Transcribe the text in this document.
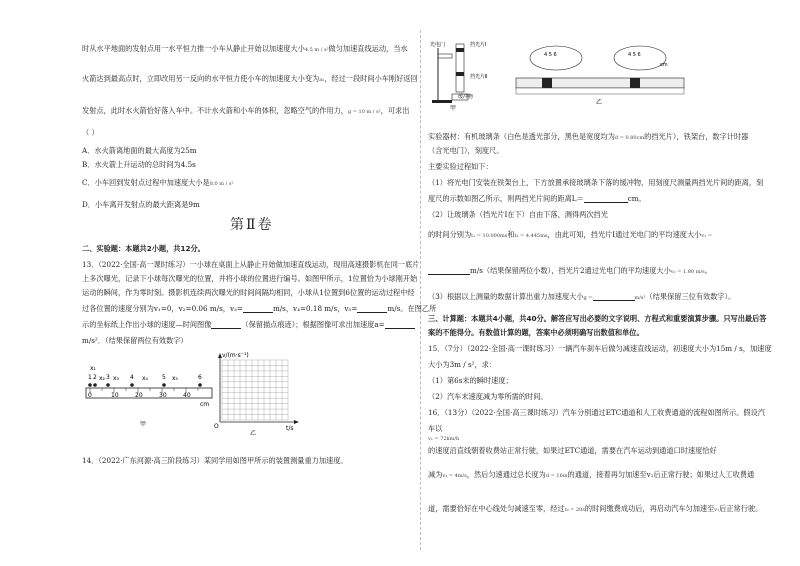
时从水平地面的发射点用一水平恒力推一小车从静止开始以加速度大小4.5 m / s²做匀加速直线运动，当水
火箭达到最高点时，立即改用另一反向的水平恒力使小车的加速度大小变为a₂，经过一段时间小车刚好返回
发射点，此时水火箭恰好落入车中。不计水火箭和小车的体积，忽略空气的作用力，g = 10 m / s²，可求出
（ ）
A．水火箭离地面的最大高度为25m
B．水火箭上升运动的总时间为4.5s
C．小车回到发射点过程中加速度大小是8.0 m / s²
D．小车离开发射点的最大距离是9m
第Ⅱ卷
二、实验题：本题共2小题，共12分。
13．（2022·全国·高一课时练习）一小球在桌面上从静止开始做加速直线运动，现用高速摄影机在同一底片
上多次曝光，记录下小球每次曝光的位置，并将小球的位置进行编号。如图甲所示，1位置恰为小球刚开始
运动的瞬间，作为零时刻。摄影机连续两次曝光的时间间隔均相同，小球从1位置到6位置的运动过程中经
过各位置的速度分别为v₁=0，v₂=0.06 m/s，v₃=	m/s，v₄=0.18 m/s，v₅=	m/s。在图乙所
示的坐标纸上作出小球的速度—时间图像	（保留描点痕迹）；根据图像可求出加速度a=
m/s²．（结果保留两位有效数字）
x₁
x₂ x₃	x₄	x₅
1 2 3	4	5	6
0	10	20	30	40
cm
甲
v/(m·s⁻¹)
O	t/s
乙
14．（2022·广东河源·高三阶段练习）某同学用如图甲所示的装置测量重力加速度。
光电门	挡光片Ⅰ
挡光片Ⅱ
缓冲物
甲
4 5 6	4 5 6
cm
乙
实验器材：有机玻璃条（白色是透光部分，黑色是宽度均为d = 0.80cm的挡光片），铁架台，数字计时器
（含光电门），刻度尺。
主要实验过程如下：
（1）将光电门安装在铁架台上，下方放置承接玻璃条下落的缓冲物，用刻度尺测量两挡光片间的距离，刻
度尺的示数如图乙所示，则两挡光片间的距离L＝	cm。
（2）让玻璃条（挡光片Ⅰ在下）自由下落，测得两次挡光
的时间分别为t₁ = 10.000ms和t₂ = 4.445ms，由此可知，挡光片Ⅰ通过光电门的平均速度大小v₁ =
m/s（结果保留两位小数），挡光片2通过光电门的平均速度大小v₂ = 1.80 m/s。
（3）根据以上测量的数据计算出重力加速度大小g =	m/s²（结果保留三位有效数字）。
三、计算题：本题共4小题，共40分。解答应写出必要的文字说明、方程式和重要演算步骤。只写出最后答
案的不能得分。有数值计算的题，答案中必须明确写出数值和单位。
15．（7分）（2022·全国·高一课时练习）一辆汽车刹车后做匀减速直线运动，初速度大小为15m / s，加速度
大小为3m / s²，求：
（1）第6s末的瞬时速度；
（2）汽车末速度减为零所需的时间。
16．（13分）（2022·全国·高三课时练习）汽车分别通过ETC通道和人工收费通道的流程如图所示。假设汽
车以
v₁ = 72km/h
的速度沿直线朝着收费站正常行驶，如果过ETC通道，需要在汽车运动到通道口时速度恰好
减为v₂ = 4m/s，然后匀速通过总长度为d = 16m的通道，接着再匀加速至v₁后正常行驶；如果过人工收费通
道，需要恰好在中心线处匀减速至零，经过t₀ = 20s的时间缴费成功后，再启动汽车匀加速至v₁后正常行驶。
